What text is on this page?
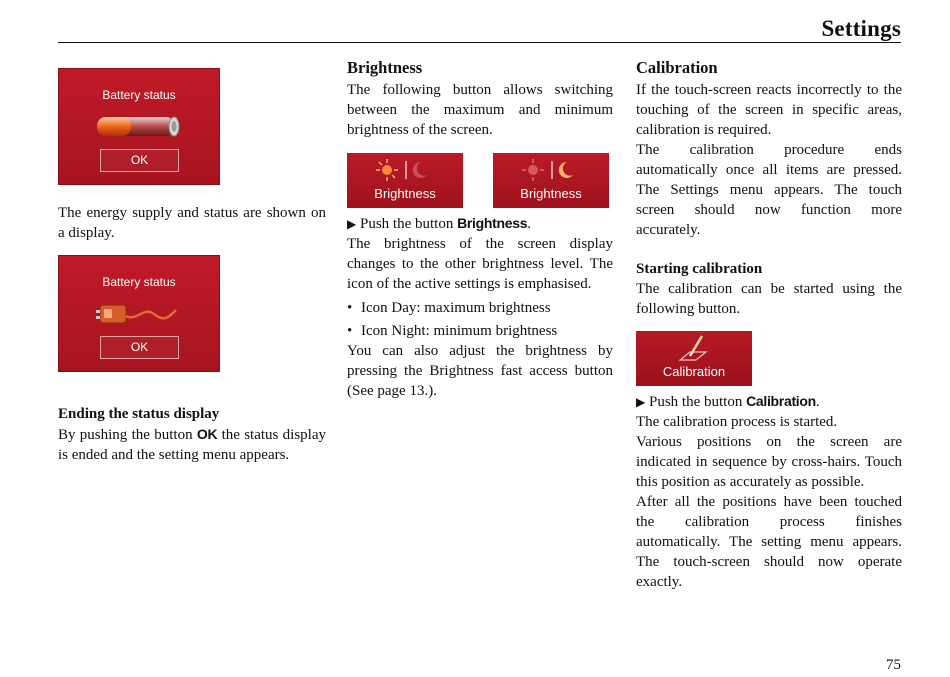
Settings
Battery status
OK

The energy supply and status are shown on a display.

Battery status
OK
Ending the status display

By pushing the button OK the status display is ended and the setting menu appears.

Brightness

The following button allows switching between the maximum and minimum brightness of the screen.

Brightness	Brightness

▶ Push the button Brightness.

The brightness of the screen display changes to the other brightness level. The icon of the active settings is emphasised.

• Icon Day: maximum brightness
• Icon Night: minimum brightness

You can also adjust the brightness by pressing the Brightness fast access button (See page 13.).

Calibration

If the touch-screen reacts incorrectly to the touching of the screen in specific areas, calibration is required.

The calibration procedure ends automatically once all items are pressed. The Settings menu appears. The touch screen should now function more accurately.

Starting calibration

The calibration can be started using the following button.

Calibration

▶ Push the button Calibration.

The calibration process is started.

Various positions on the screen are indicated in sequence by cross-hairs. Touch this position as accurately as possible.

After all the positions have been touched the calibration process finishes automatically. The setting menu appears. The touch-screen should now operate exactly.

75
